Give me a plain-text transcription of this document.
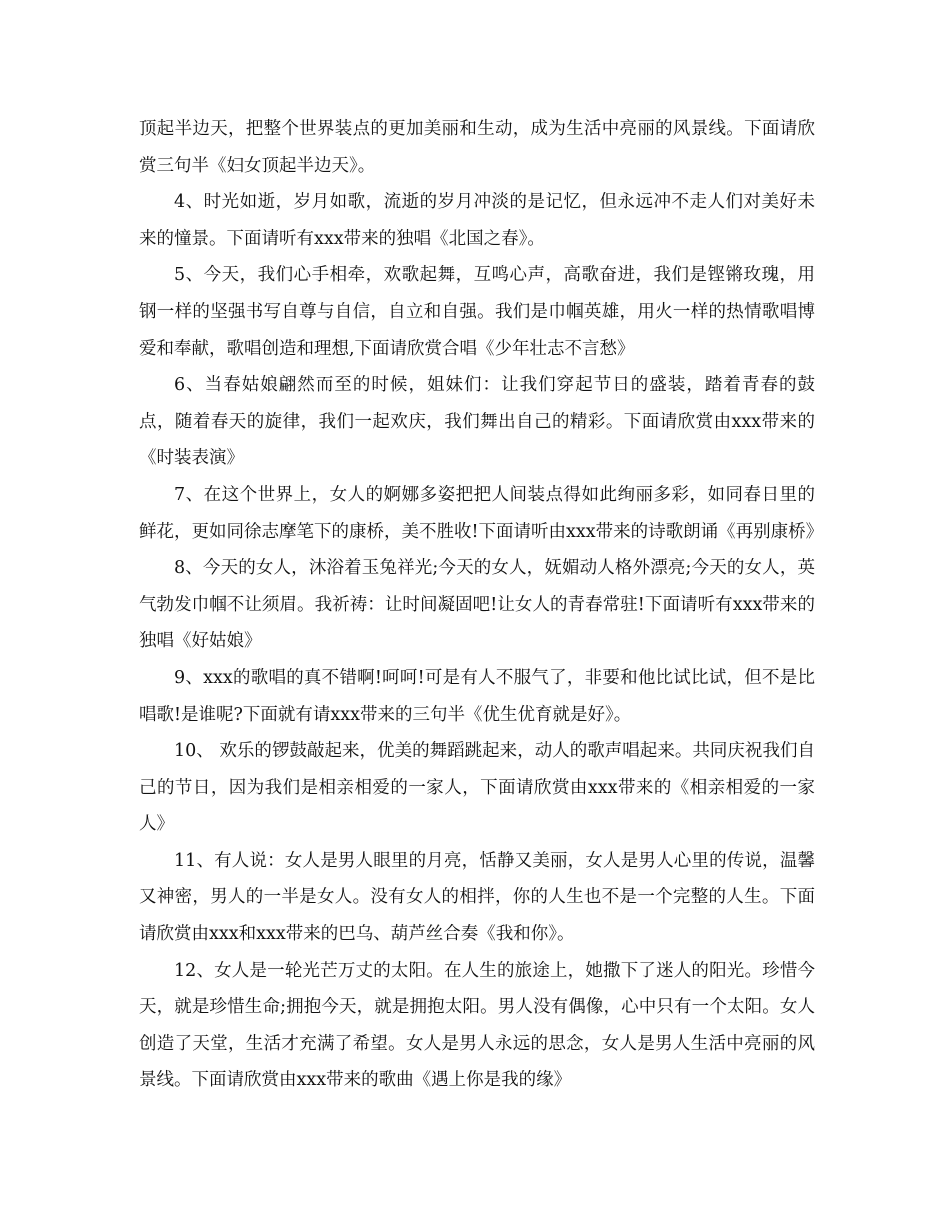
顶起半边天，把整个世界装点的更加美丽和生动，成为生活中亮丽的风景线。下面请欣赏三句半《妇女顶起半边天》。

4、时光如逝，岁月如歌，流逝的岁月冲淡的是记忆，但永远冲不走人们对美好未来的憧景。下面请听有xxx带来的独唱《北国之春》。

5、今天，我们心手相牵，欢歌起舞，互鸣心声，高歌奋进，我们是铿锵玫瑰，用钢一样的坚强书写自尊与自信，自立和自强。我们是巾帼英雄，用火一样的热情歌唱博爱和奉献，歌唱创造和理想,下面请欣赏合唱《少年壮志不言愁》

6、当春姑娘翩然而至的时候，姐妹们：让我们穿起节日的盛装，踏着青春的鼓点，随着春天的旋律，我们一起欢庆，我们舞出自己的精彩。下面请欣赏由xxx带来的《时装表演》

7、在这个世界上，女人的婀娜多姿把把人间装点得如此绚丽多彩，如同春日里的鲜花，更如同徐志摩笔下的康桥，美不胜收!下面请听由xxx带来的诗歌朗诵《再别康桥》

8、今天的女人，沐浴着玉兔祥光;今天的女人，妩媚动人格外漂亮;今天的女人，英气勃发巾帼不让须眉。我祈祷：让时间凝固吧!让女人的青春常驻!下面请听有xxx带来的独唱《好姑娘》

9、xxx的歌唱的真不错啊!呵呵!可是有人不服气了，非要和他比试比试，但不是比唱歌!是谁呢?下面就有请xxx带来的三句半《优生优育就是好》。

10、 欢乐的锣鼓敲起来，优美的舞蹈跳起来，动人的歌声唱起来。共同庆祝我们自己的节日，因为我们是相亲相爱的一家人，下面请欣赏由xxx带来的《相亲相爱的一家人》

11、有人说：女人是男人眼里的月亮，恬静又美丽，女人是男人心里的传说，温馨又神密，男人的一半是女人。没有女人的相拌，你的人生也不是一个完整的人生。下面请欣赏由xxx和xxx带来的巴乌、葫芦丝合奏《我和你》。

12、女人是一轮光芒万丈的太阳。在人生的旅途上，她撒下了迷人的阳光。珍惜今天，就是珍惜生命;拥抱今天，就是拥抱太阳。男人没有偶像，心中只有一个太阳。女人创造了天堂，生活才充满了希望。女人是男人永远的思念，女人是男人生活中亮丽的风景线。下面请欣赏由xxx带来的歌曲《遇上你是我的缘》
